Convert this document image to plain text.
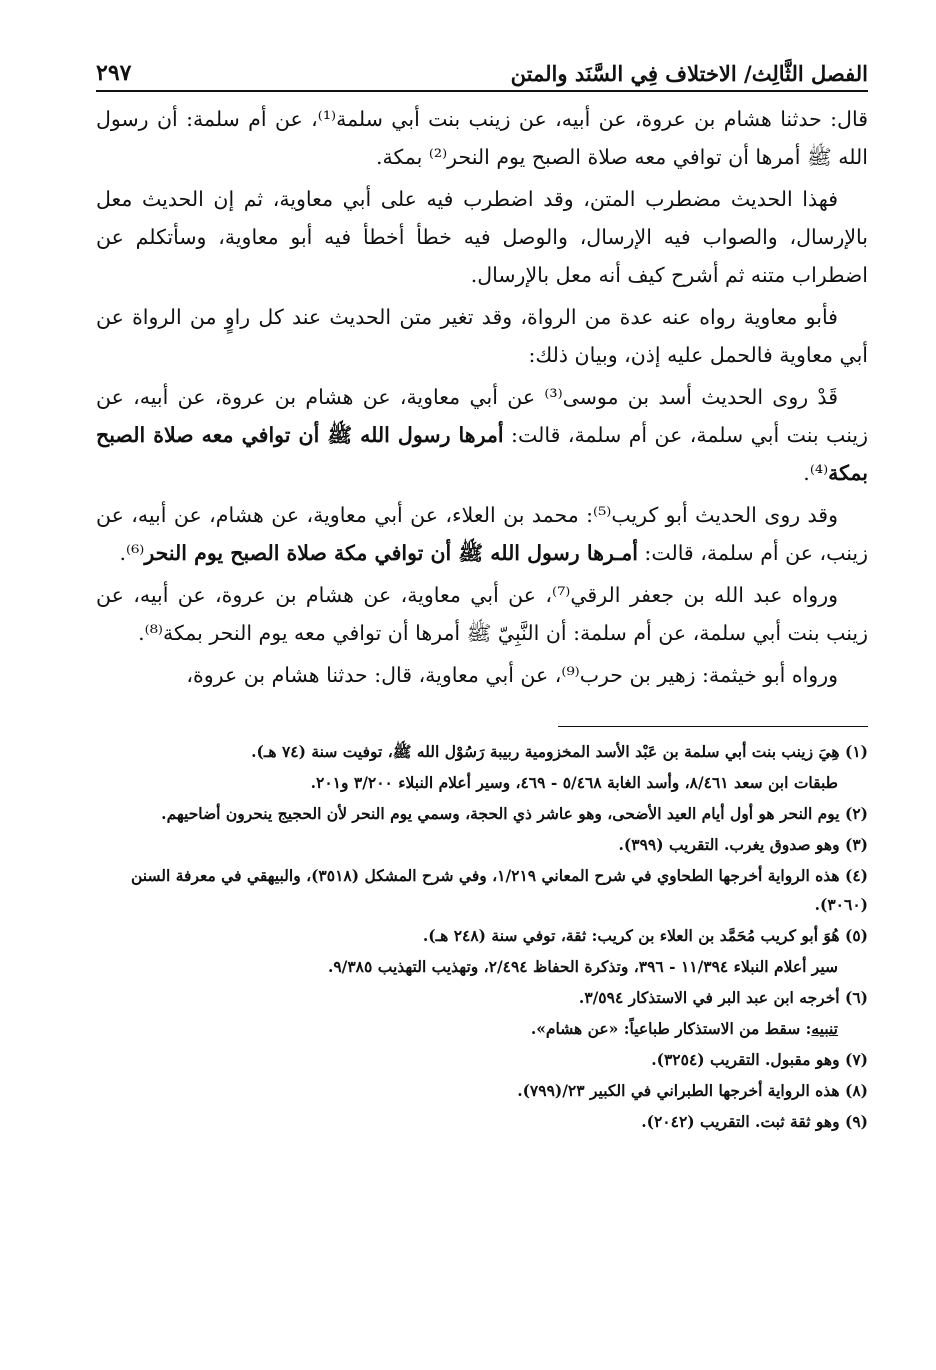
الفصل الثَّالِث/ الاختلاف فِي السَّنَد والمتن
٢٩٧

قال: حدثنا هشام بن عروة، عن أبيه، عن زينب بنت أبي سلمة⁽¹⁾، عن أم سلمة: أن رسول الله ﷺ أمرها أن توافي معه صلاة الصبح يوم النحر⁽²⁾ بمكة.

فهذا الحديث مضطرب المتن، وقد اضطرب فيه على أبي معاوية، ثم إن الحديث معل بالإرسال، والصواب فيه الإرسال، والوصل فيه خطأ أخطأ فيه أبو معاوية، وسأتكلم عن اضطراب متنه ثم أشرح كيف أنه معل بالإرسال.

فأبو معاوية رواه عنه عدة من الرواة، وقد تغير متن الحديث عند كل راوٍ من الرواة عن أبي معاوية فالحمل عليه إذن، وبيان ذلك:

قَدْ روى الحديث أسد بن موسى⁽³⁾ عن أبي معاوية، عن هشام بن عروة، عن أبيه، عن زينب بنت أبي سلمة، عن أم سلمة، قالت: أمرها رسول الله ﷺ أن توافي معه صلاة الصبح بمكة⁽⁴⁾.

وقد روى الحديث أبو كريب⁽⁵⁾: محمد بن العلاء، عن أبي معاوية، عن هشام، عن أبيه، عن زينب، عن أم سلمة، قالت: أمـرها رسول الله ﷺ أن توافي مكة صلاة الصبح يوم النحر⁽⁶⁾.

ورواه عبد الله بن جعفر الرقي⁽⁷⁾، عن أبي معاوية، عن هشام بن عروة، عن أبيه، عن زينب بنت أبي سلمة، عن أم سلمة: أن النَّبِيّ ﷺ أمرها أن توافي معه يوم النحر بمكة⁽⁸⁾.

ورواه أبو خيثمة: زهير بن حرب⁽⁹⁾، عن أبي معاوية، قال: حدثنا هشام بن عروة،

(١) هِيَ زينب بنت أبي سلمة بن عَبْد الأسد المخزومية ربيبة رَسُوْل الله ﷺ، توفيت سنة (٧٤ هـ).

طبقات ابن سعد ٨/٤٦١، وأسد الغابة ٥/٤٦٨ - ٤٦٩، وسير أعلام النبلاء ٣/٢٠٠ و٢٠١.

(٢) يوم النحر هو أول أيام العيد الأضحى، وهو عاشر ذي الحجة، وسمي يوم النحر لأن الحجيج ينحرون أضاحيهم.

(٣) وهو صدوق يغرب. التقريب (٣٩٩).

(٤) هذه الرواية أخرجها الطحاوي في شرح المعاني ١/٢١٩، وفي شرح المشكل (٣٥١٨)، والبيهقي في معرفة السنن (٣٠٦٠).

(٥) هُوَ أبو كريب مُحَمَّد بن العلاء بن كريب: ثقة، توفي سنة (٢٤٨ هـ).

سير أعلام النبلاء ١١/٣٩٤ - ٣٩٦، وتذكرة الحفاظ ٢/٤٩٤، وتهذيب التهذيب ٩/٣٨٥.

(٦) أخرجه ابن عبد البر في الاستذكار ٣/٥٩٤.

تنبيه: سقط من الاستذكار طباعياً: «عن هشام».

(٧) وهو مقبول. التقريب (٣٢٥٤).

(٨) هذه الرواية أخرجها الطبراني في الكبير ٢٣/(٧٩٩).

(٩) وهو ثقة ثبت. التقريب (٢٠٤٢).
